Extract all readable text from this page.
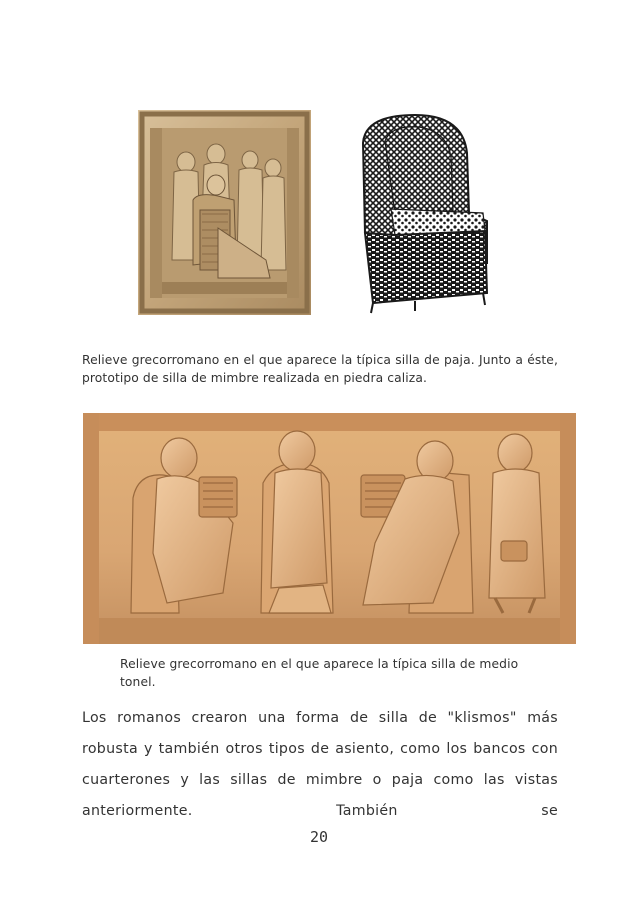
Relieve grecorromano en el que aparece la típica silla de paja. Junto a éste, prototipo de silla de mimbre realizada en piedra caliza.
Relieve grecorromano en el que aparece la típica silla de medio tonel.
Los romanos crearon una forma de silla de "klismos" más robusta y también otros tipos de asiento, como los bancos con cuarterones y las sillas de mimbre o paja como las vistas anteriormente. También se
20
